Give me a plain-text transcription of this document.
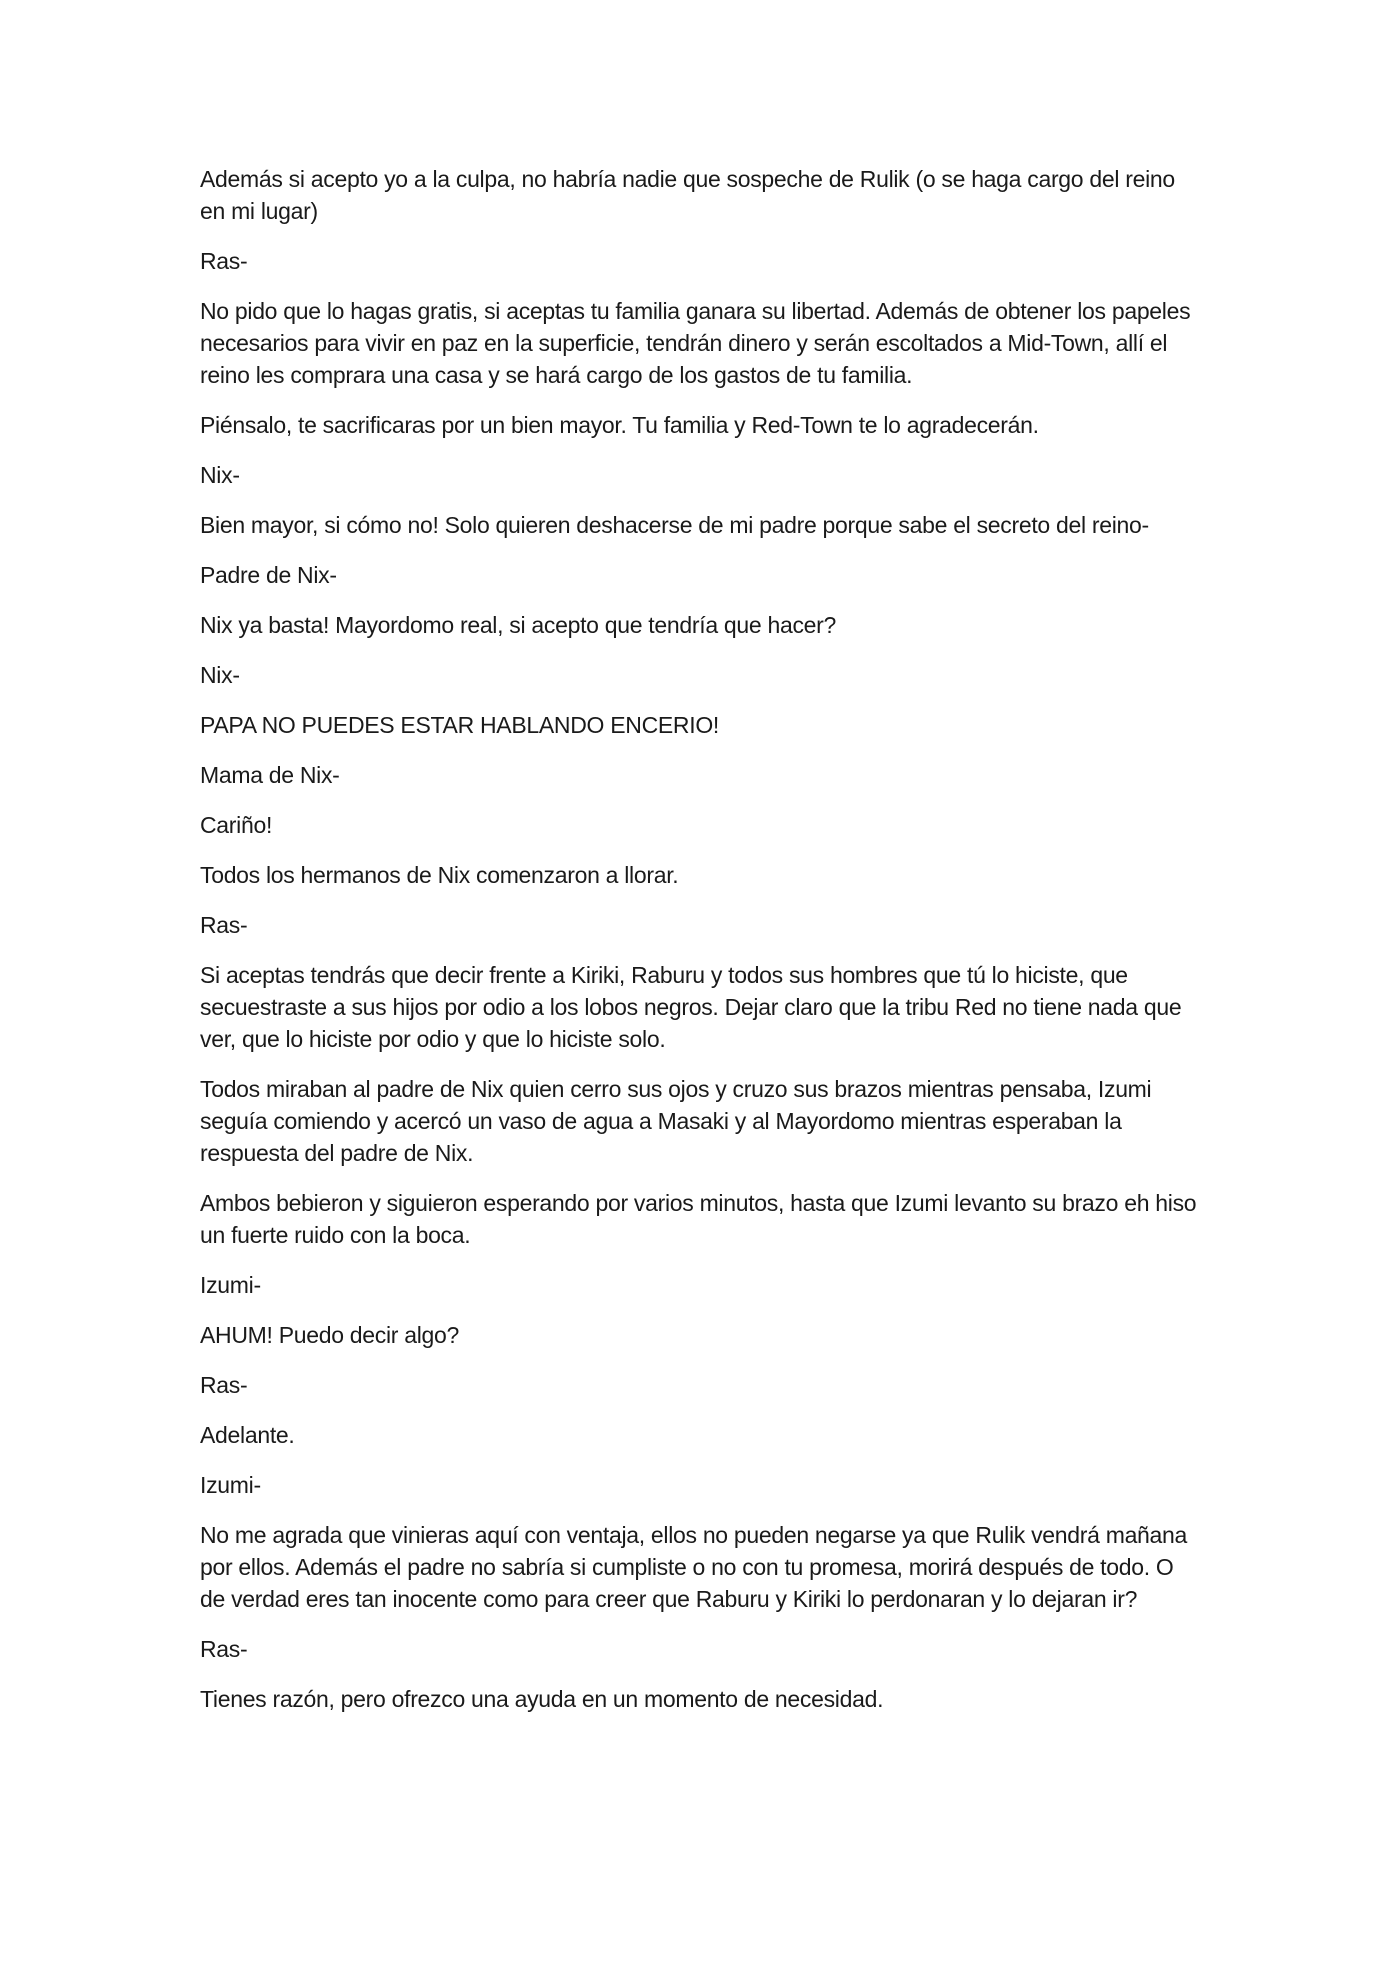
Además si acepto yo a la culpa, no habría nadie que sospeche de Rulik (o se haga cargo del reino en mi lugar)

Ras-

No pido que lo hagas gratis, si aceptas tu familia ganara su libertad. Además de obtener los papeles necesarios para vivir en paz en la superficie, tendrán dinero y serán escoltados a Mid-Town, allí el reino les comprara una casa y se hará cargo de los gastos de tu familia.

Piénsalo, te sacrificaras por un bien mayor. Tu familia y Red-Town te lo agradecerán.

Nix-

Bien mayor, si cómo no! Solo quieren deshacerse de mi padre porque sabe el secreto del reino-

Padre de Nix-

Nix ya basta! Mayordomo real, si acepto que tendría que hacer?

Nix-

PAPA NO PUEDES ESTAR HABLANDO ENCERIO!

Mama de Nix-

Cariño!

Todos los hermanos de Nix comenzaron a llorar.

Ras-

Si aceptas tendrás que decir frente a Kiriki, Raburu y todos sus hombres que tú lo hiciste, que secuestraste a sus hijos por odio a los lobos negros. Dejar claro que la tribu Red no tiene nada que ver, que lo hiciste por odio y que lo hiciste solo.

Todos miraban al padre de Nix quien cerro sus ojos y cruzo sus brazos mientras pensaba, Izumi seguía comiendo y acercó un vaso de agua a Masaki y al Mayordomo mientras esperaban la respuesta del padre de Nix.

Ambos bebieron y siguieron esperando por varios minutos, hasta que Izumi levanto su brazo eh hiso un fuerte ruido con la boca.

Izumi-

AHUM! Puedo decir algo?

Ras-

Adelante.

Izumi-

No me agrada que vinieras aquí con ventaja, ellos no pueden negarse ya que Rulik vendrá mañana por ellos. Además el padre no sabría si cumpliste o no con tu promesa, morirá después de todo. O de verdad eres tan inocente como para creer que Raburu y Kiriki lo perdonaran y lo dejaran ir?

Ras-

Tienes razón, pero ofrezco una ayuda en un momento de necesidad.
